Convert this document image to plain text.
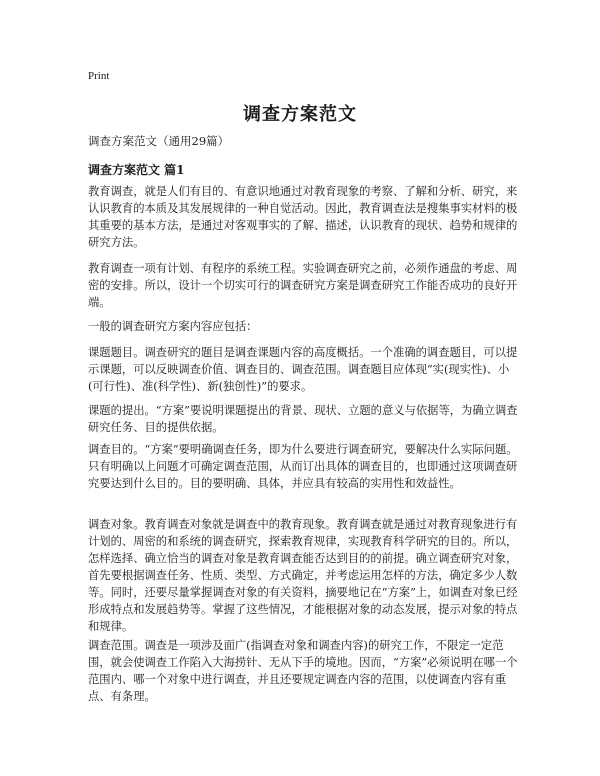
Print
调查方案范文
调查方案范文（通用29篇）
调查方案范文 篇1

教育调查，就是人们有目的、有意识地通过对教育现象的考察、了解和分析、研究，来认识教育的本质及其发展规律的一种自觉活动。因此，教育调查法是搜集事实材料的极其重要的基本方法，是通过对客观事实的了解、描述，认识教育的现状、趋势和规律的研究方法。

教育调查一项有计划、有程序的系统工程。实验调查研究之前，必须作通盘的考虑、周密的安排。所以，设计一个切实可行的调查研究方案是调查研究工作能否成功的良好开端。

一般的调查研究方案内容应包括：

课题题目。调查研究的题目是调查课题内容的高度概括。一个准确的调查题目，可以提示课题，可以反映调查价值、调查目的、调查范围。调查题目应体现“实(现实性)、小(可行性)、准(科学性)、新(独创性)”的要求。

课题的提出。“方案”要说明课题提出的背景、现状、立题的意义与依据等，为确立调查研究任务、目的提供依据。

调查目的。“方案”要明确调查任务，即为什么要进行调查研究，要解决什么实际问题。只有明确以上问题才可确定调查范围，从而订出具体的调查目的，也即通过这项调查研究要达到什么目的。目的要明确、具体，并应具有较高的实用性和效益性。

调查对象。教育调查对象就是调查中的教育现象。教育调查就是通过对教育现象进行有计划的、周密的和系统的调查研究，探索教育规律，实现教育科学研究的目的。所以，怎样选择、确立恰当的调查对象是教育调查能否达到目的的前提。确立调查研究对象，首先要根据调查任务、性质、类型、方式确定，并考虑运用怎样的方法，确定多少人数等。同时，还要尽量掌握调查对象的有关资料，摘要地记在“方案”上，如调查对象已经形成特点和发展趋势等。掌握了这些情况，才能根据对象的动态发展，提示对象的特点和规律。

调查范围。调查是一项涉及面广(指调查对象和调查内容)的研究工作，不限定一定范围，就会使调查工作陷入大海捞针、无从下手的境地。因而，“方案”必须说明在哪一个范围内、哪一个对象中进行调查，并且还要规定调查内容的范围，以使调查内容有重点、有条理。
